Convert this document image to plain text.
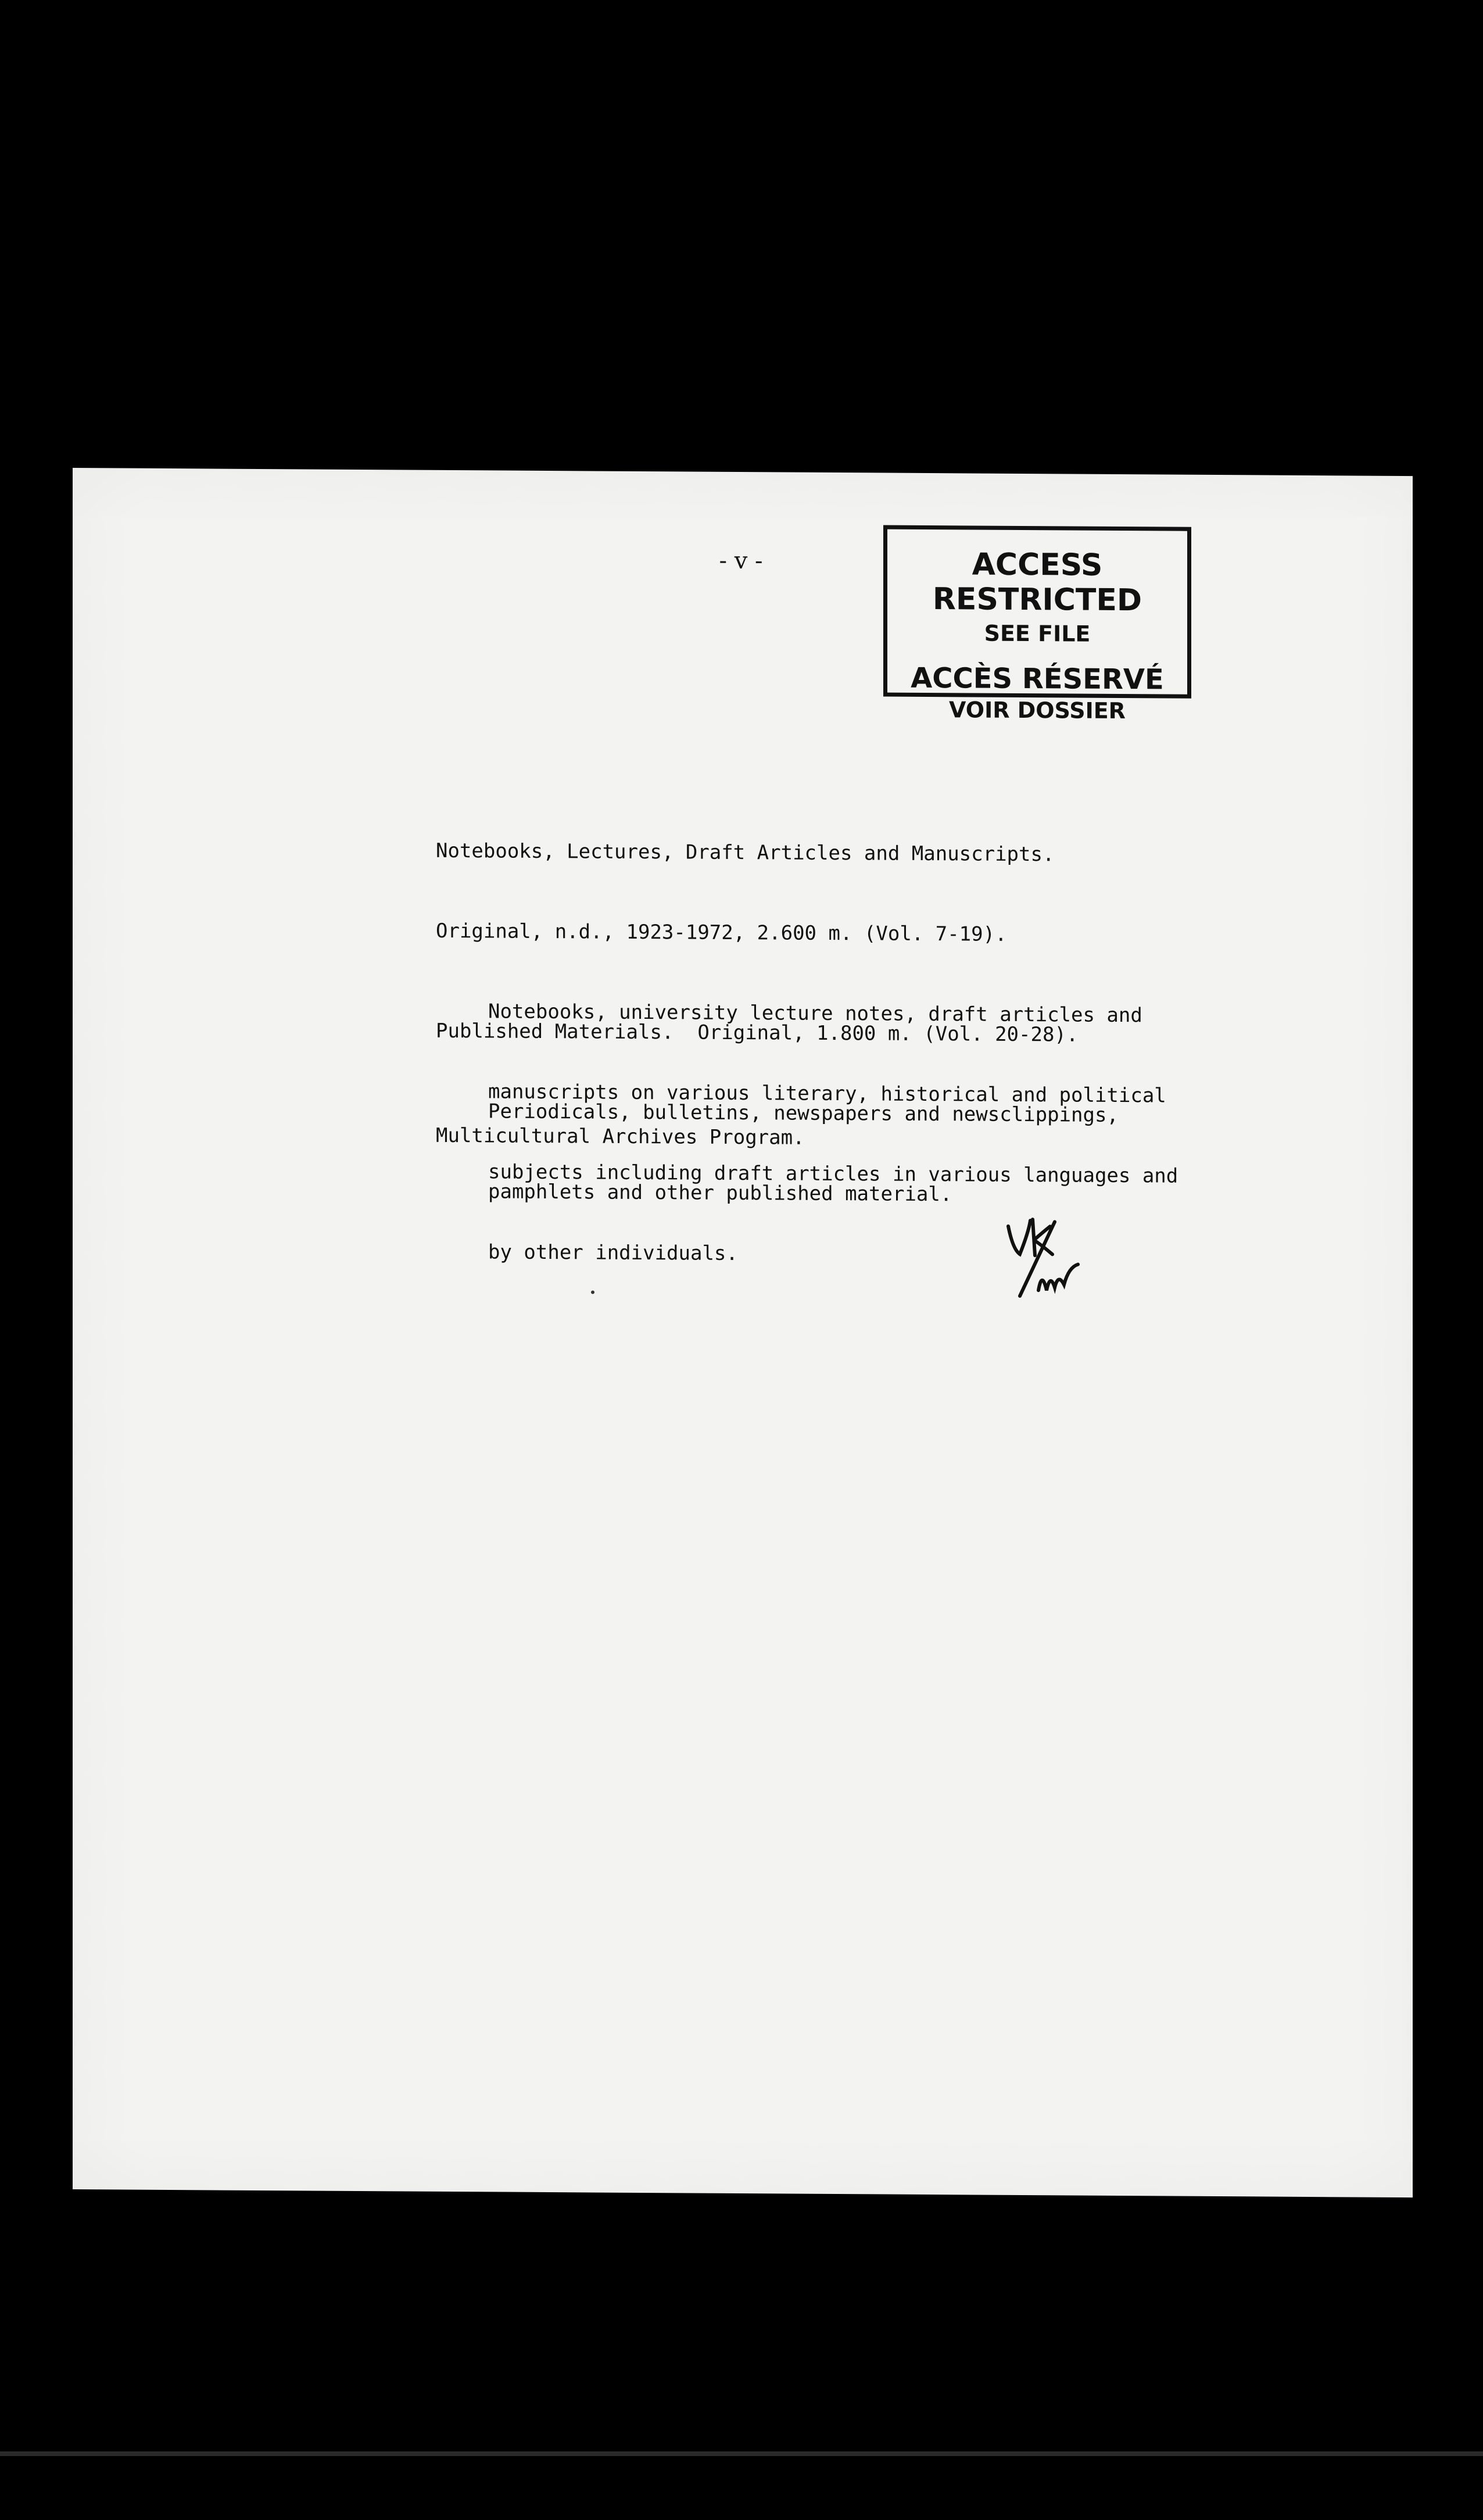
- v -	ACCESS RESTRICTED
SEE FILE
ACCÈS RÉSERVÉ
VOIR DOSSIER

Notebooks, Lectures, Draft Articles and Manuscripts.

Original, n.d., 1923-1972, 2.600 m. (Vol. 7-19).

Notebooks, university lecture notes, draft articles and

manuscripts on various literary, historical and political

subjects including draft articles in various languages and

by other individuals.

Published Materials.  Original, 1.800 m. (Vol. 20-28).

Periodicals, bulletins, newspapers and newsclippings,

pamphlets and other published material.

Multicultural Archives Program.
